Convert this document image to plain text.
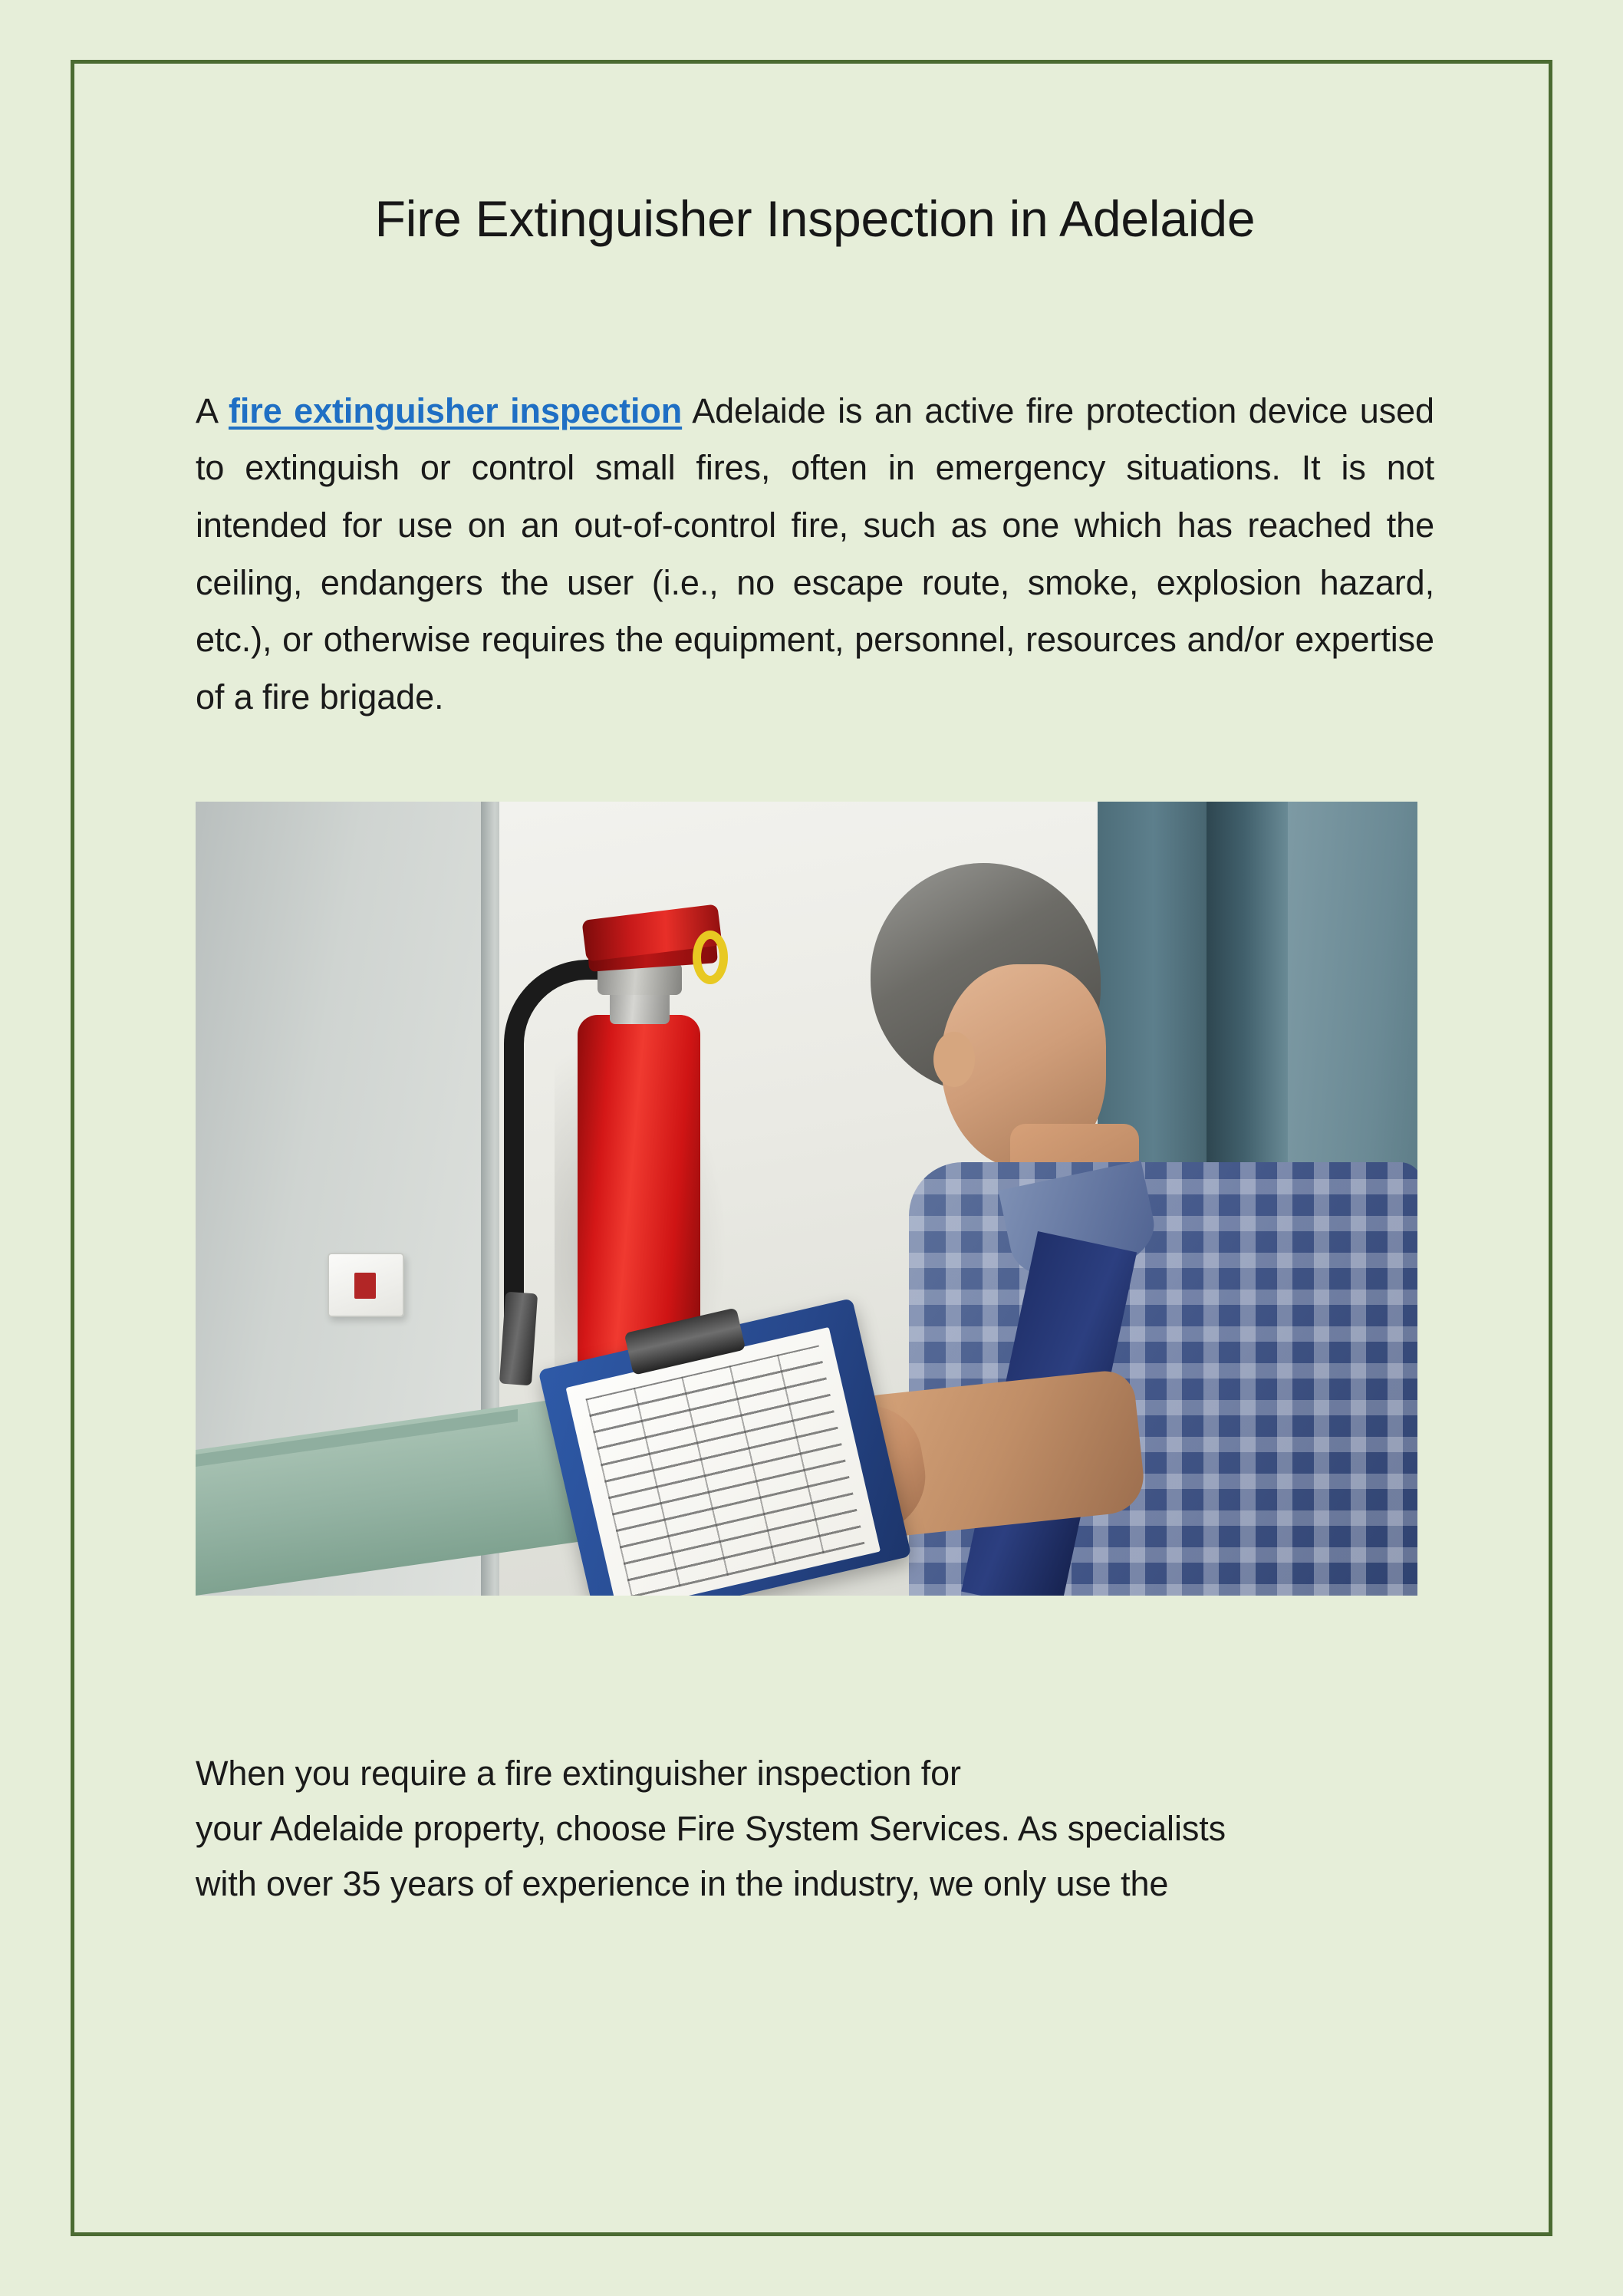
Fire Extinguisher Inspection in Adelaide

A fire extinguisher inspection Adelaide is an active fire protection device used to extinguish or control small fires, often in emergency situations. It is not intended for use on an out-of-control fire, such as one which has reached the ceiling, endangers the user (i.e., no escape route, smoke, explosion hazard, etc.), or otherwise requires the equipment, personnel, resources and/or expertise of a fire brigade.

When you require a fire extinguisher inspection for
your Adelaide property, choose Fire System Services. As specialists
with over 35 years of experience in the industry, we only use the
